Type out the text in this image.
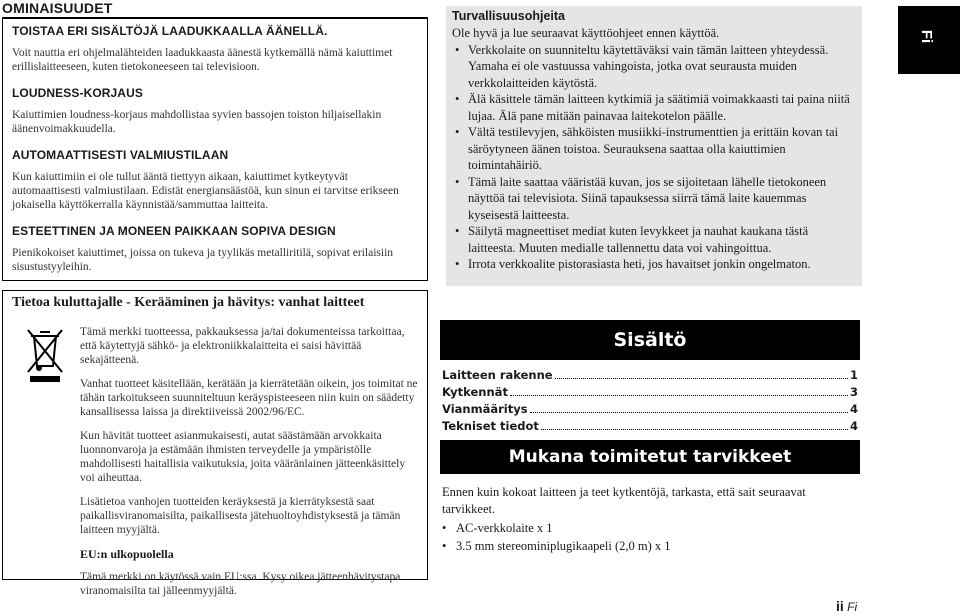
OMINAISUUDET
TOISTAA ERI SISÄLTÖJÄ LAADUKKAALLA ÄÄNELLÄ.
Voit nauttia eri ohjelmalähteiden laadukkaasta äänestä kytkemällä nämä kaiuttimet erillislaitteeseen, kuten tietokoneeseen tai televisioon.
LOUDNESS-KORJAUS
Kaiuttimien loudness-korjaus mahdollistaa syvien bassojen toiston hiljaisellakin äänenvoimakkuudella.
AUTOMAATTISESTI VALMIUSTILAAN
Kun kaiuttimiin ei ole tullut ääntä tiettyyn aikaan, kaiuttimet kytkeytyvät automaattisesti valmiustilaan. Edistät energiansäästöä, kun sinun ei tarvitse erikseen jokaisella käyttökerralla käynnistää/sammuttaa laitteita.
ESTEETTINEN JA MONEEN PAIKKAAN SOPIVA DESIGN
Pienikokoiset kaiuttimet, joissa on tukeva ja tyylikäs metalliritilä, sopivat erilaisiin sisustustyyleihin.
Tietoa kuluttajalle - Kerääminen ja hävitys: vanhat laitteet

Tämä merkki tuotteessa, pakkauksessa ja/tai dokumenteissa tarkoittaa, että käytettyjä sähkö- ja elektroniikkalaitteita ei saisi hävittää sekajätteenä.

Vanhat tuotteet käsitellään, kerätään ja kierrätetään oikein, jos toimitat ne tähän tarkoitukseen suunniteltuun keräyspisteeseen niin kuin on säädetty kansallisessa laissa ja direktiiveissä 2002/96/EC.

Kun hävität tuotteet asianmukaisesti, autat säästämään arvokkaita luonnonvaroja ja estämään ihmisten terveydelle ja ympäristölle mahdollisesti haitallisia vaikutuksia, joita vääränlainen jätteenkäsittely voi aiheuttaa.

Lisätietoa vanhojen tuotteiden keräyksestä ja kierrätyksestä saat paikallisviranomaisilta, paikallisesta jätehuoltoyhdistyksestä ja tämän laitteen myyjältä.

EU:n ulkopuolella

Tämä merkki on käytössä vain EU:ssa. Kysy oikea jätteenhävitystapa viranomaisilta tai jälleenmyyjältä.

Turvallisuusohjeita
Ole hyvä ja lue seuraavat käyttöohjeet ennen käyttöä.
• Verkkolaite on suunniteltu käytettäväksi vain tämän laitteen yhteydessä. Yamaha ei ole vastuussa vahingoista, jotka ovat seurausta muiden verkkolaitteiden käytöstä.
• Älä käsittele tämän laitteen kytkimiä ja säätimiä voimakkaasti tai paina niitä lujaa. Älä pane mitään painavaa laitekotelon päälle.
• Vältä testilevyjen, sähköisten musiikki-instrumenttien ja erittäin kovan tai säröytyneen äänen toistoa. Seurauksena saattaa olla kaiuttimien toimintahäiriö.
• Tämä laite saattaa vääristää kuvan, jos se sijoitetaan lähelle tietokoneen näyttöä tai televisiota. Siinä tapauksessa siirrä tämä laite kauemmas kyseisestä laitteesta.
• Säilytä magneettiset mediat kuten levykkeet ja nauhat kaukana tästä laitteesta. Muuten medialle tallennettu data voi vahingoittua.
• Irrota verkkoalite pistorasiasta heti, jos havaitset jonkin ongelmaton.
Fi
Sisältö
Laitteen rakenne	1
Kytkennät	3
Vianmääritys	4
Tekniset tiedot	4
Mukana toimitetut tarvikkeet

Ennen kuin kokoat laitteen ja teet kytkentöjä, tarkasta, että sait seuraavat tarvikkeet.

• AC-verkkolaite x 1
• 3.5 mm stereominiplugikaapeli (2,0 m) x 1
ii Fi
